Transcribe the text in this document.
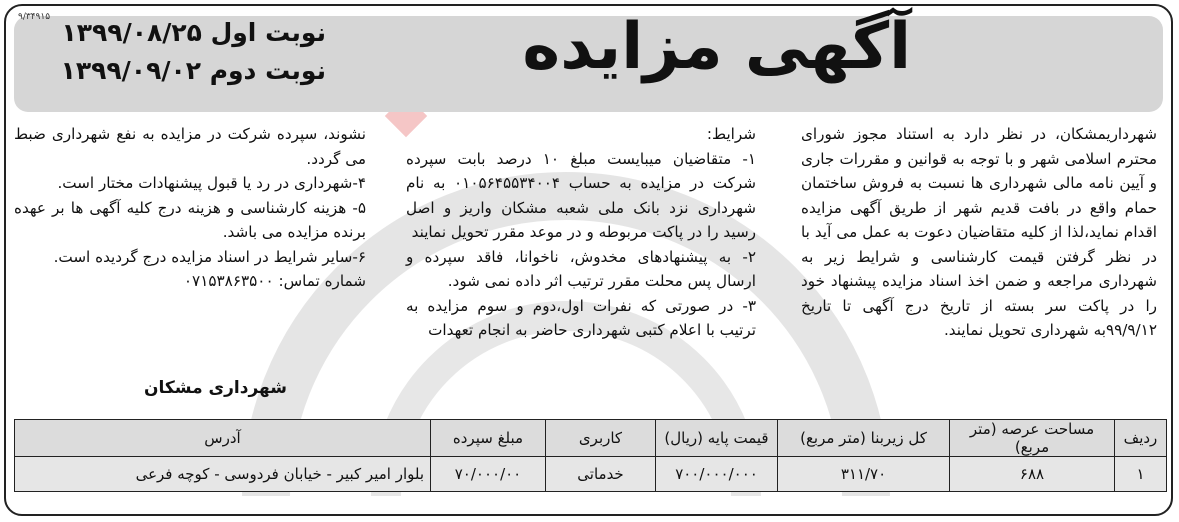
۹/۳۴۹۱۵	آگهی مزایده
نوبت اول ۱۳۹۹/۰۸/۲۵
نوبت دوم ۱۳۹۹/۰۹/۰۲

شهرداریمشکان، در نظر دارد به استناد مجوز شورای محترم اسلامی شهر و با توجه به قوانین و مقررات جاری و آیین نامه مالی شهرداری ها نسبت به فروش ساختمان حمام واقع در بافت قدیم شهر از طریق آگهی مزایده اقدام نماید،لذا از کلیه متقاضیان دعوت به عمل می آید با در نظر گرفتن قیمت کارشناسی و شرایط زیر به شهرداری مراجعه و ضمن اخذ اسناد مزایده پیشنهاد خود را در پاکت سر بسته از تاریخ درج آگهی تا تاریخ ۹۹/۹/۱۲به شهرداری تحویل نمایند.

شرایط:

۱- متقاضیان میبایست مبلغ ۱۰ درصد بابت سپرده شرکت در مزایده به حساب ۰۱۰۵۶۴۵۵۳۴۰۰۴ به نام شهرداری نزد بانک ملی شعبه مشکان واریز و اصل رسید را در پاکت مربوطه و در موعد مقرر تحویل نمایند

۲- به پیشنهادهای مخدوش، ناخوانا، فاقد سپرده و ارسال پس محلت مقرر ترتیب اثر داده نمی شود.

۳- در صورتی که نفرات اول،دوم و سوم مزایده به ترتیب با اعلام کتبی شهرداری حاضر به انجام تعهدات

نشوند، سپرده شرکت در مزایده به نفع شهرداری ضبط می گردد.

۴-شهرداری در رد یا قبول پیشنهادات مختار است.

۵- هزینه کارشناسی و هزینه درج کلیه آگهی ها بر عهده برنده مزایده می باشد.

۶-سایر شرایط در اسناد مزایده درج گردیده است.

شماره تماس: ۰۷۱۵۳۸۶۳۵۰۰

شهرداری مشکان
ردیف	مساحت عرصه (متر مربع)	کل زیربنا (متر مربع)	قیمت پایه (ریال)	کاربری	مبلغ سپرده	آدرس
۱	۶۸۸	۳۱۱/۷۰	۷۰۰/۰۰۰/۰۰۰	خدماتی	۷۰/۰۰۰/۰۰	بلوار امیر کبیر - خیابان فردوسی - کوچه فرعی
